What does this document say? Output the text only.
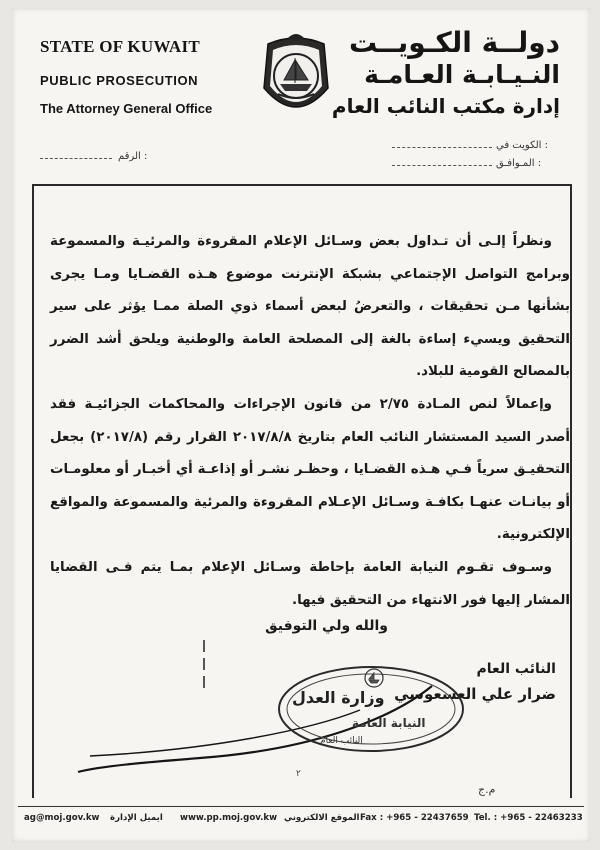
STATE OF KUWAIT
PUBLIC PROSECUTION
The Attorney General Office
دولــة الكـويــت
النـيـابـة العـامـة
إدارة مكتب النائب العام
: الرقم
: الكويت في
: المـوافـق

ونظراً إلـى أن تـداول بعض وسـائل الإعلام المقروءة والمرئيـة والمسموعة وبرامج التواصل الإجتماعي بشبكة الإنترنت موضوع هـذه القضـايا ومـا يجرى بشأنها مـن تحقيقات ، والتعرضُ لبعض أسماء ذوي الصلة ممـا يؤثر على سير التحقيق ويسيء إساءة بالغة إلى المصلحة العامة والوطنية ويلحق أشد الضرر بالمصالح القومية للبلاد.

وإعمالاً لنص المـادة ٢/٧٥ من قانون الإجراءات والمحاكمات الجزائيـة فقد أصدر السيد المستشار النائب العام بتاريخ ٢٠١٧/٨/٨ القرار رقم (٢٠١٧/٨) بجعل التحقيـق سرياً فـي هـذه القضـايا ، وحظـر نشـر أو إذاعـة أي أخبـار أو معلومـات أو بيانـات عنهـا بكافـة وسـائل الإعـلام المقروءة والمرئية والمسموعة والمواقع الإلكترونية.

وسـوف تقـوم النيابة العامة بإحاطة وسـائل الإعلام بمـا يتم فـى القضايا المشار إليها فور الانتهاء من التحقيق فيها.

والله ولي التوفيق
النائب العام
ضرار علي العسعوسي
وزارة العدل
النيابة العامة
النائب العام
٢
م.ج
ag@moj.gov.kw ايميل الإدارة www.pp.moj.gov.kw الموقع الالكتروني Fax : +965 - 22437659 Tel. : +965 - 22463233
